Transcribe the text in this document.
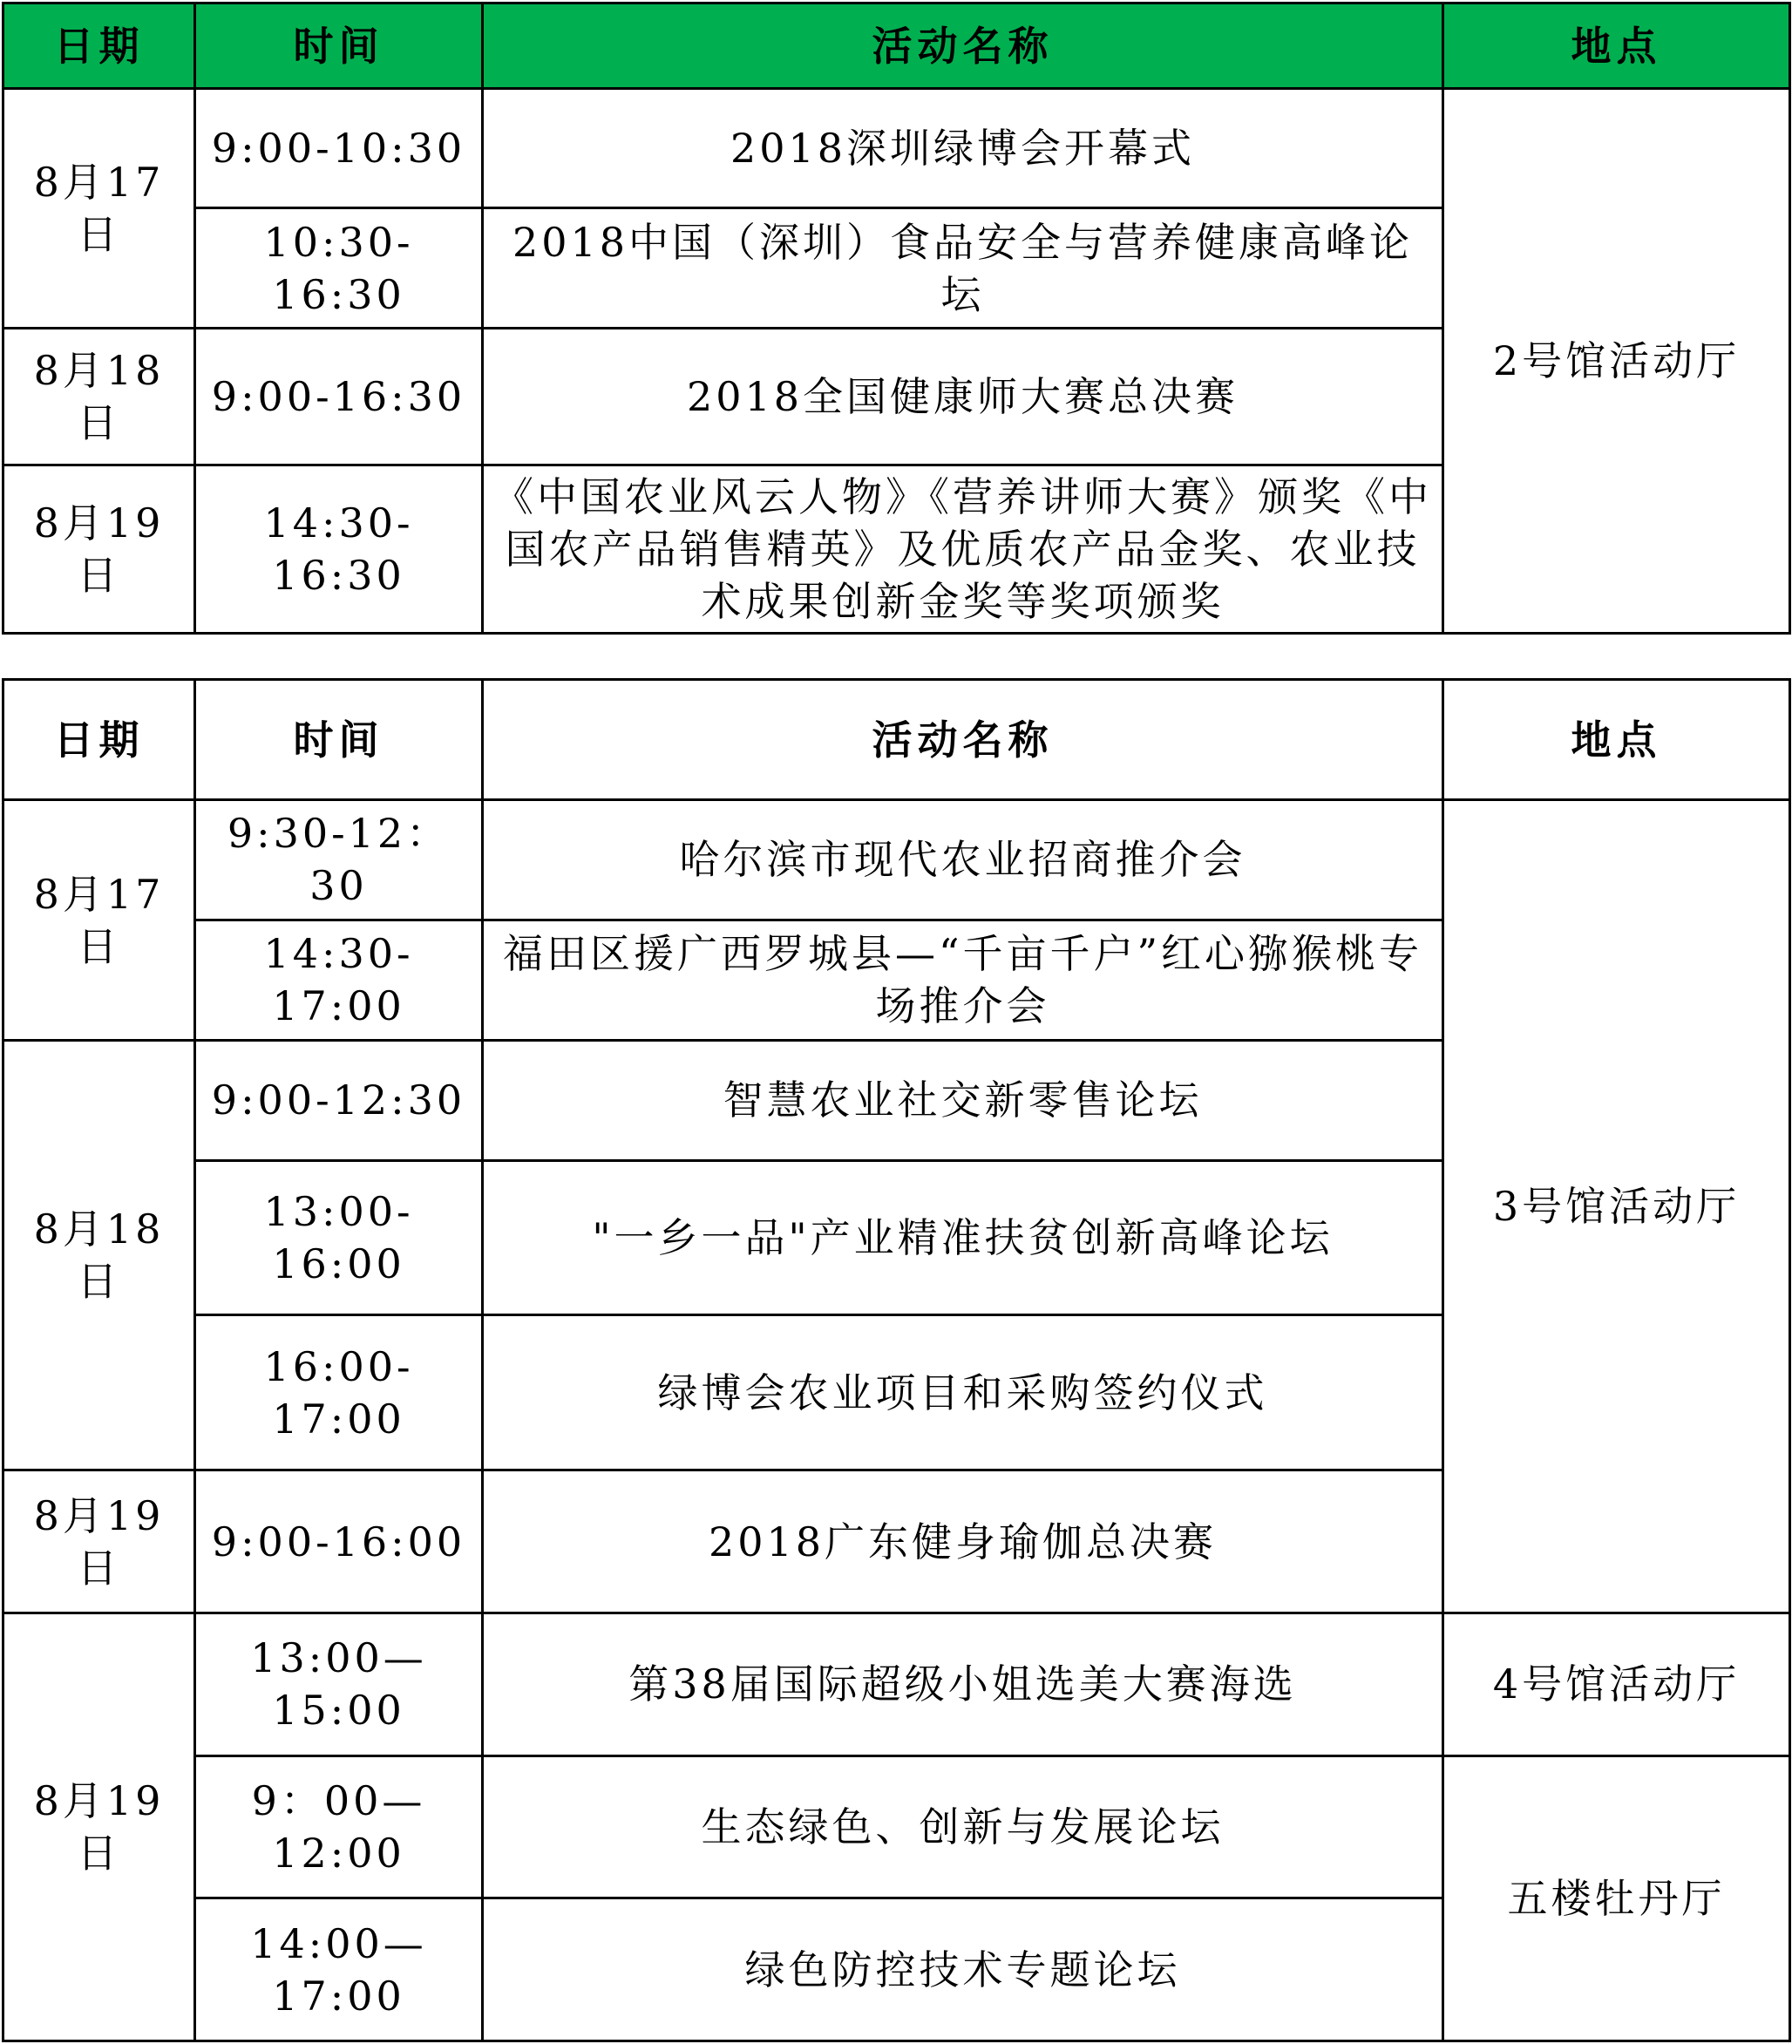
日期	时间	活动名称	地点
8月17日	9:00-10:30	2018深圳绿博会开幕式	2号馆活动厅
	10:30-16:30	2018中国（深圳）食品安全与营养健康高峰论坛	
8月18日	9:00-16:30	2018全国健康师大赛总决赛	
8月19日	14:30-16:30	《中国农业风云人物》《营养讲师大赛》颁奖《中国农产品销售精英》及优质农产品金奖、农业技术成果创新金奖等奖项颁奖	
日期	时间	活动名称	地点
8月17日	9:30-12：30	哈尔滨市现代农业招商推介会	3号馆活动厅
	14:30-17:00	福田区援广西罗城县—“千亩千户”红心猕猴桃专场推介会	
8月18日	9:00-12:30	智慧农业社交新零售论坛	
	13:00-16:00	"一乡一品"产业精准扶贫创新高峰论坛	
	16:00-17:00	绿博会农业项目和采购签约仪式	
8月19日	9:00-16:00	2018广东健身瑜伽总决赛	
8月19日	13:00—15:00	第38届国际超级小姐选美大赛海选	4号馆活动厅
	9：00—12:00	生态绿色、创新与发展论坛	五楼牡丹厅
	14:00—17:00	绿色防控技术专题论坛	
